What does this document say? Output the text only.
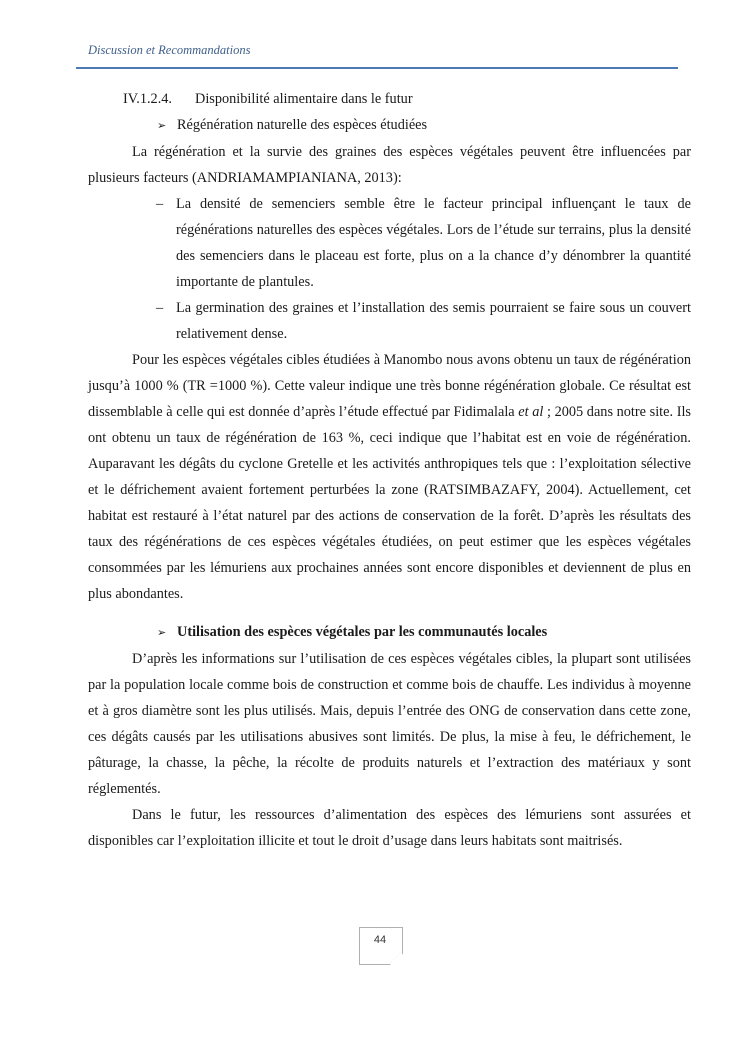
Discussion et Recommandations

IV.1.2.4. Disponibilité alimentaire dans le futur

➢ Régénération naturelle des espèces étudiées

La régénération et la survie des graines des espèces végétales peuvent être influencées par plusieurs facteurs (ANDRIAMAMPIANIANA, 2013):

– La densité de semenciers semble être le facteur principal influençant le taux de régénérations naturelles des espèces végétales. Lors de l’étude sur terrains, plus la densité des semenciers dans le placeau est forte, plus on a la chance d’y dénombrer la quantité importante de plantules.

– La germination des graines et l’installation des semis pourraient se faire sous un couvert relativement dense.

Pour les espèces végétales cibles étudiées à Manombo nous avons obtenu un taux de régénération jusqu’à 1000 % (TR =1000 %). Cette valeur indique une très bonne régénération globale. Ce résultat est dissemblable à celle qui est donnée d’après l’étude effectué par Fidimalala et al ; 2005 dans notre site. Ils ont obtenu un taux de régénération de 163 %, ceci indique que l’habitat est en voie de régénération. Auparavant les dégâts du cyclone Gretelle et les activités anthropiques tels que : l’exploitation sélective et le défrichement avaient fortement perturbées la zone (RATSIMBAZAFY, 2004). Actuellement, cet habitat est restauré à l’état naturel par des actions de conservation de la forêt. D’après les résultats des taux des régénérations de ces espèces végétales étudiées, on peut estimer que les espèces végétales consommées par les lémuriens aux prochaines années sont encore disponibles et deviennent de plus en plus abondantes.

➢ Utilisation des espèces végétales par les communautés locales

D’après les informations sur l’utilisation de ces espèces végétales cibles, la plupart sont utilisées par la population locale comme bois de construction et comme bois de chauffe. Les individus à moyenne et à gros diamètre sont les plus utilisés. Mais, depuis l’entrée des ONG de conservation dans cette zone, ces dégâts causés par les utilisations abusives sont limités. De plus, la mise à feu, le défrichement, le pâturage, la chasse, la pêche, la récolte de produits naturels et l’extraction des matériaux y sont réglementés.

Dans le futur, les ressources d’alimentation des espèces des lémuriens sont assurées et disponibles car l’exploitation illicite et tout le droit d’usage dans leurs habitats sont maitrisés.

44
